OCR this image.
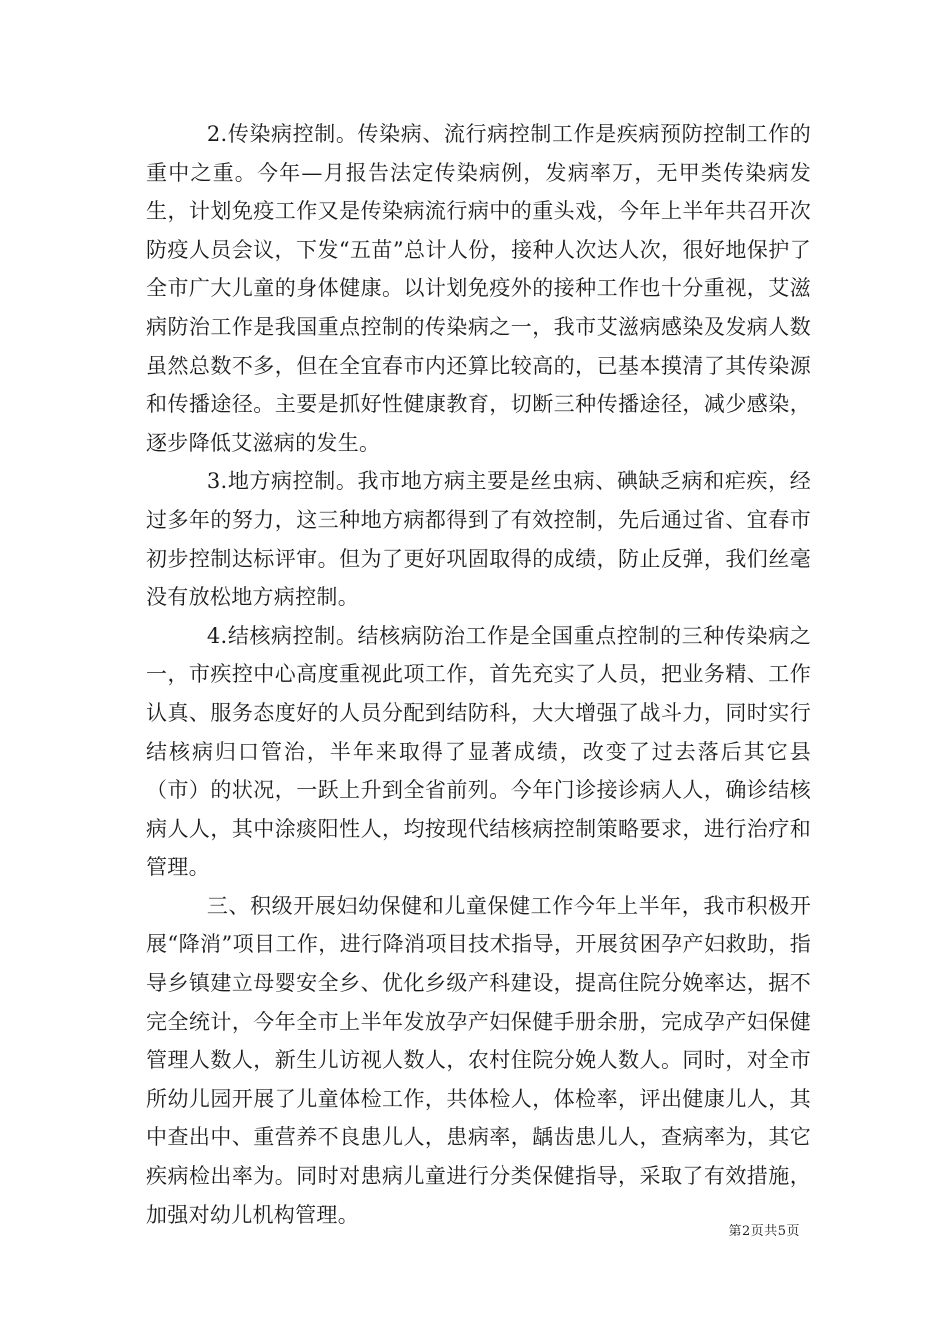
2.传染病控制。传染病、流行病控制工作是疾病预防控制工作的重中之重。今年—月报告法定传染病例，发病率万，无甲类传染病发生，计划免疫工作又是传染病流行病中的重头戏，今年上半年共召开次防疫人员会议，下发“五苗”总计人份，接种人次达人次，很好地保护了全市广大儿童的身体健康。以计划免疫外的接种工作也十分重视，艾滋病防治工作是我国重点控制的传染病之一，我市艾滋病感染及发病人数虽然总数不多，但在全宜春市内还算比较高的，已基本摸清了其传染源和传播途径。主要是抓好性健康教育，切断三种传播途径，减少感染，逐步降低艾滋病的发生。

3.地方病控制。我市地方病主要是丝虫病、碘缺乏病和疟疾，经过多年的努力，这三种地方病都得到了有效控制，先后通过省、宜春市初步控制达标评审。但为了更好巩固取得的成绩，防止反弹，我们丝毫没有放松地方病控制。

4.结核病控制。结核病防治工作是全国重点控制的三种传染病之一，市疾控中心高度重视此项工作，首先充实了人员，把业务精、工作认真、服务态度好的人员分配到结防科，大大增强了战斗力，同时实行结核病归口管治，半年来取得了显著成绩，改变了过去落后其它县（市）的状况，一跃上升到全省前列。今年门诊接诊病人人，确诊结核病人人，其中涂痰阳性人，均按现代结核病控制策略要求，进行治疗和管理。

三、积级开展妇幼保健和儿童保健工作今年上半年，我市积极开展“降消”项目工作，进行降消项目技术指导，开展贫困孕产妇救助，指导乡镇建立母婴安全乡、优化乡级产科建设，提高住院分娩率达，据不完全统计，今年全市上半年发放孕产妇保健手册余册，完成孕产妇保健管理人数人，新生儿访视人数人，农村住院分娩人数人。同时，对全市所幼儿园开展了儿童体检工作，共体检人，体检率，评出健康儿人，其中查出中、重营养不良患儿人，患病率，龋齿患儿人，查病率为，其它疾病检出率为。同时对患病儿童进行分类保健指导，采取了有效措施，加强对幼儿机构管理。

第2页共5页
